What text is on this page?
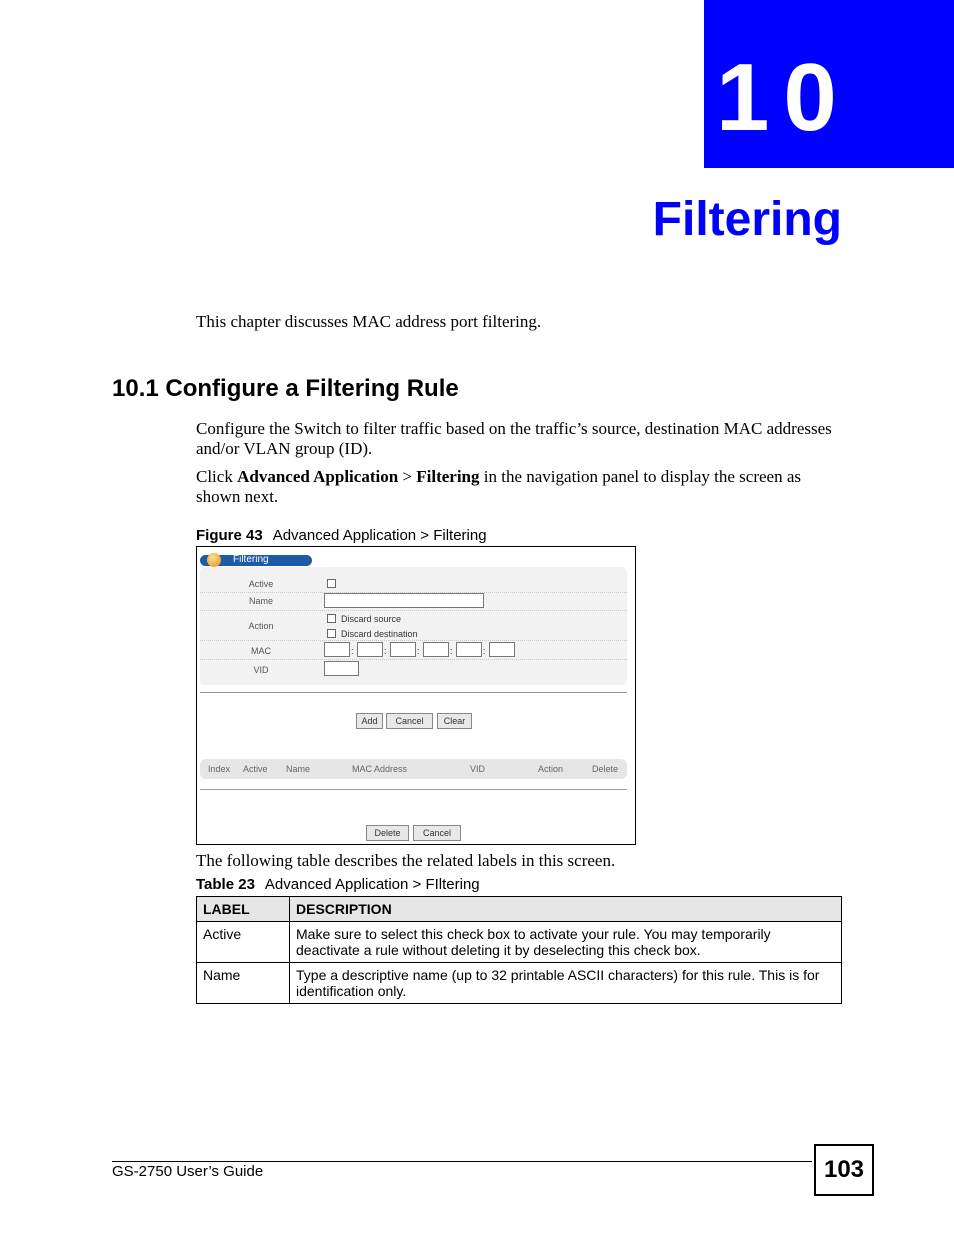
10
Filtering
This chapter discusses MAC address port filtering.
10.1 Configure a Filtering Rule
Configure the Switch to filter traffic based on the traffic’s source, destination MAC addresses and/or VLAN group (ID).
Click Advanced Application > Filtering in the navigation panel to display the screen as shown next.
Figure 43 Advanced Application > Filtering
Filtering
Active
Name
Action
Discard source
Discard destination
MAC	:	:	:	:	:
VID
Add	Cancel	Clear
Index Active Name	MAC Address	VID	Action	Delete
Delete	Cancel
The following table describes the related labels in this screen.
Table 23 Advanced Application > FIltering
LABEL	DESCRIPTION
Active	Make sure to select this check box to activate your rule. You may temporarily deactivate a rule without deleting it by deselecting this check box.
Name	Type a descriptive name (up to 32 printable ASCII characters) for this rule. This is for identification only.
GS-2750 User’s Guide	103
